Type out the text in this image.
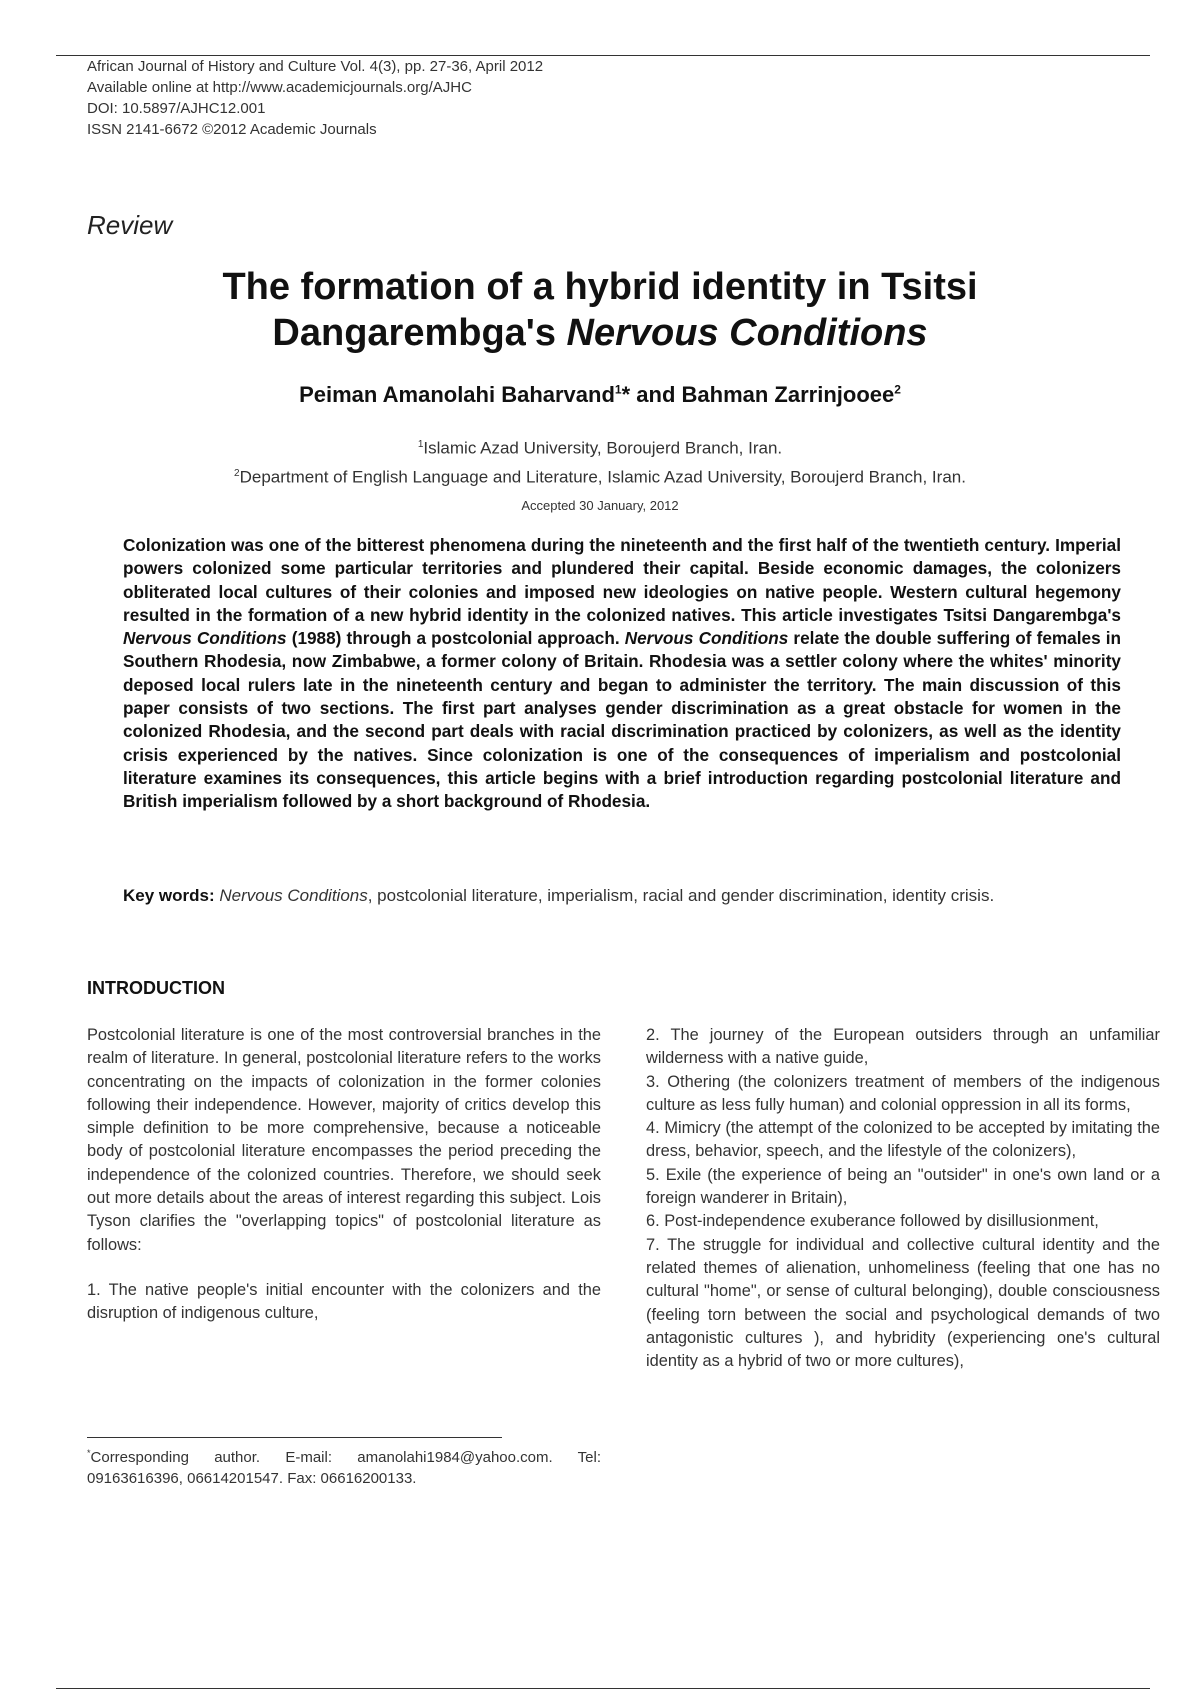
African Journal of History and Culture Vol. 4(3), pp. 27-36, April 2012
Available online at http://www.academicjournals.org/AJHC
DOI: 10.5897/AJHC12.001
ISSN 2141-6672 ©2012 Academic Journals
Review
The formation of a hybrid identity in Tsitsi
Dangarembga's Nervous Conditions
Peiman Amanolahi Baharvand$^1$* and Bahman Zarrinjooee$^2$
$^1$Islamic Azad University, Boroujerd Branch, Iran.
$^2$Department of English Language and Literature, Islamic Azad University, Boroujerd Branch, Iran.
Accepted 30 January, 2012
Colonization was one of the bitterest phenomena during the nineteenth and the first half of the twentieth century. Imperial powers colonized some particular territories and plundered their capital. Beside economic damages, the colonizers obliterated local cultures of their colonies and imposed new ideologies on native people. Western cultural hegemony resulted in the formation of a new hybrid identity in the colonized natives. This article investigates Tsitsi Dangarembga's Nervous Conditions (1988) through a postcolonial approach. Nervous Conditions relate the double suffering of females in Southern Rhodesia, now Zimbabwe, a former colony of Britain. Rhodesia was a settler colony where the whites' minority deposed local rulers late in the nineteenth century and began to administer the territory. The main discussion of this paper consists of two sections. The first part analyses gender discrimination as a great obstacle for women in the colonized Rhodesia, and the second part deals with racial discrimination practiced by colonizers, as well as the identity crisis experienced by the natives. Since colonization is one of the consequences of imperialism and postcolonial literature examines its consequences, this article begins with a brief introduction regarding postcolonial literature and British imperialism followed by a short background of Rhodesia.
Key words: Nervous Conditions, postcolonial literature, imperialism, racial and gender discrimination, identity crisis.
INTRODUCTION

Postcolonial literature is one of the most controversial branches in the realm of literature. In general, postcolonial literature refers to the works concentrating on the impacts of colonization in the former colonies following their independence. However, majority of critics develop this simple definition to be more comprehensive, because a noticeable body of postcolonial literature encompasses the period preceding the independence of the colonized countries. Therefore, we should seek out more details about the areas of interest regarding this subject. Lois Tyson clarifies the "overlapping topics" of postcolonial literature as follows:

1. The native people's initial encounter with the colonizers and the disruption of indigenous culture,

2. The journey of the European outsiders through an unfamiliar wilderness with a native guide,

3. Othering (the colonizers treatment of members of the indigenous culture as less fully human) and colonial oppression in all its forms,

4. Mimicry (the attempt of the colonized to be accepted by imitating the dress, behavior, speech, and the lifestyle of the colonizers),

5. Exile (the experience of being an "outsider" in one's own land or a foreign wanderer in Britain),

6. Post-independence exuberance followed by disillusionment,

7. The struggle for individual and collective cultural identity and the related themes of alienation, unhomeliness (feeling that one has no cultural "home", or sense of cultural belonging), double consciousness (feeling torn between the social and psychological demands of two antagonistic cultures ), and hybridity (experiencing one's cultural identity as a hybrid of two or more cultures),

*Corresponding author. E-mail: amanolahi1984@yahoo.com. Tel: 09163616396, 06614201547. Fax: 06616200133.
